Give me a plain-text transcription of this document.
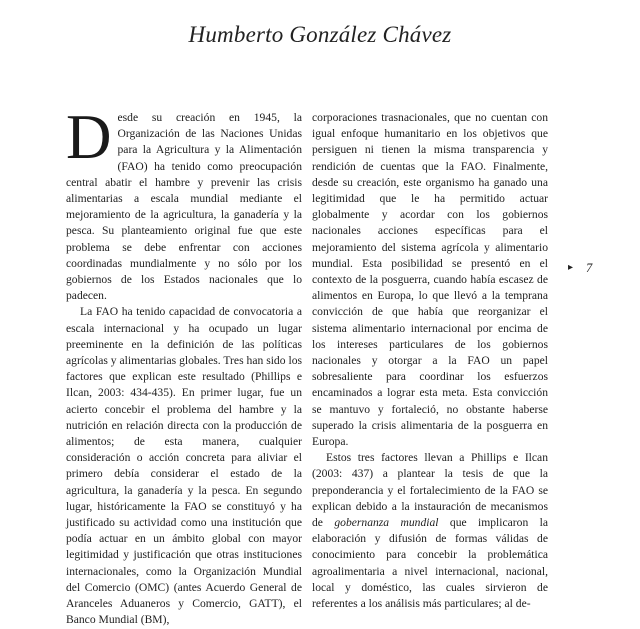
Humberto González Chávez

Desde su creación en 1945, la Organización de las Naciones Unidas para la Agricultura y la Alimentación (FAO) ha tenido como preocupación central abatir el hambre y prevenir las crisis alimentarias a escala mundial mediante el mejoramiento de la agricultura, la ganadería y la pesca. Su planteamiento original fue que este problema se debe enfrentar con acciones coordinadas mundialmente y no sólo por los gobiernos de los Estados nacionales que lo padecen.

La FAO ha tenido capacidad de convocatoria a escala internacional y ha ocupado un lugar preeminente en la definición de las políticas agrícolas y alimentarias globales. Tres han sido los factores que explican este resultado (Phillips e Ilcan, 2003: 434-435). En primer lugar, fue un acierto concebir el problema del hambre y la nutrición en relación directa con la producción de alimentos; de esta manera, cualquier consideración o acción concreta para aliviar el primero debía considerar el estado de la agricultura, la ganadería y la pesca. En segundo lugar, históricamente la FAO se constituyó y ha justificado su actividad como una institución que podía actuar en un ámbito global con mayor legitimidad y justificación que otras instituciones internacionales, como la Organización Mundial del Comercio (OMC) (antes Acuerdo General de Aranceles Aduaneros y Comercio, GATT), el Banco Mundial (BM),

corporaciones trasnacionales, que no cuentan con igual enfoque humanitario en los objetivos que persiguen ni tienen la misma transparencia y rendición de cuentas que la FAO. Finalmente, desde su creación, este organismo ha ganado una legitimidad que le ha permitido actuar globalmente y acordar con los gobiernos nacionales acciones específicas para el mejoramiento del sistema agrícola y alimentario mundial. Esta posibilidad se presentó en el contexto de la posguerra, cuando había escasez de alimentos en Europa, lo que llevó a la temprana convicción de que había que reorganizar el sistema alimentario internacional por encima de los intereses particulares de los gobiernos nacionales y otorgar a la FAO un papel sobresaliente para coordinar los esfuerzos encaminados a lograr esta meta. Esta convicción se mantuvo y fortaleció, no obstante haberse superado la crisis alimentaria de la posguerra en Europa.

Estos tres factores llevan a Phillips e Ilcan (2003: 437) a plantear la tesis de que la preponderancia y el fortalecimiento de la FAO se explican debido a la instauración de mecanismos de gobernanza mundial que implicaron la elaboración y difusión de formas válidas de conocimiento para concebir la problemática agroalimentaria a nivel internacional, nacional, local y doméstico, las cuales sirvieron de referentes a los análisis más particulares; al de-

▸ 7
